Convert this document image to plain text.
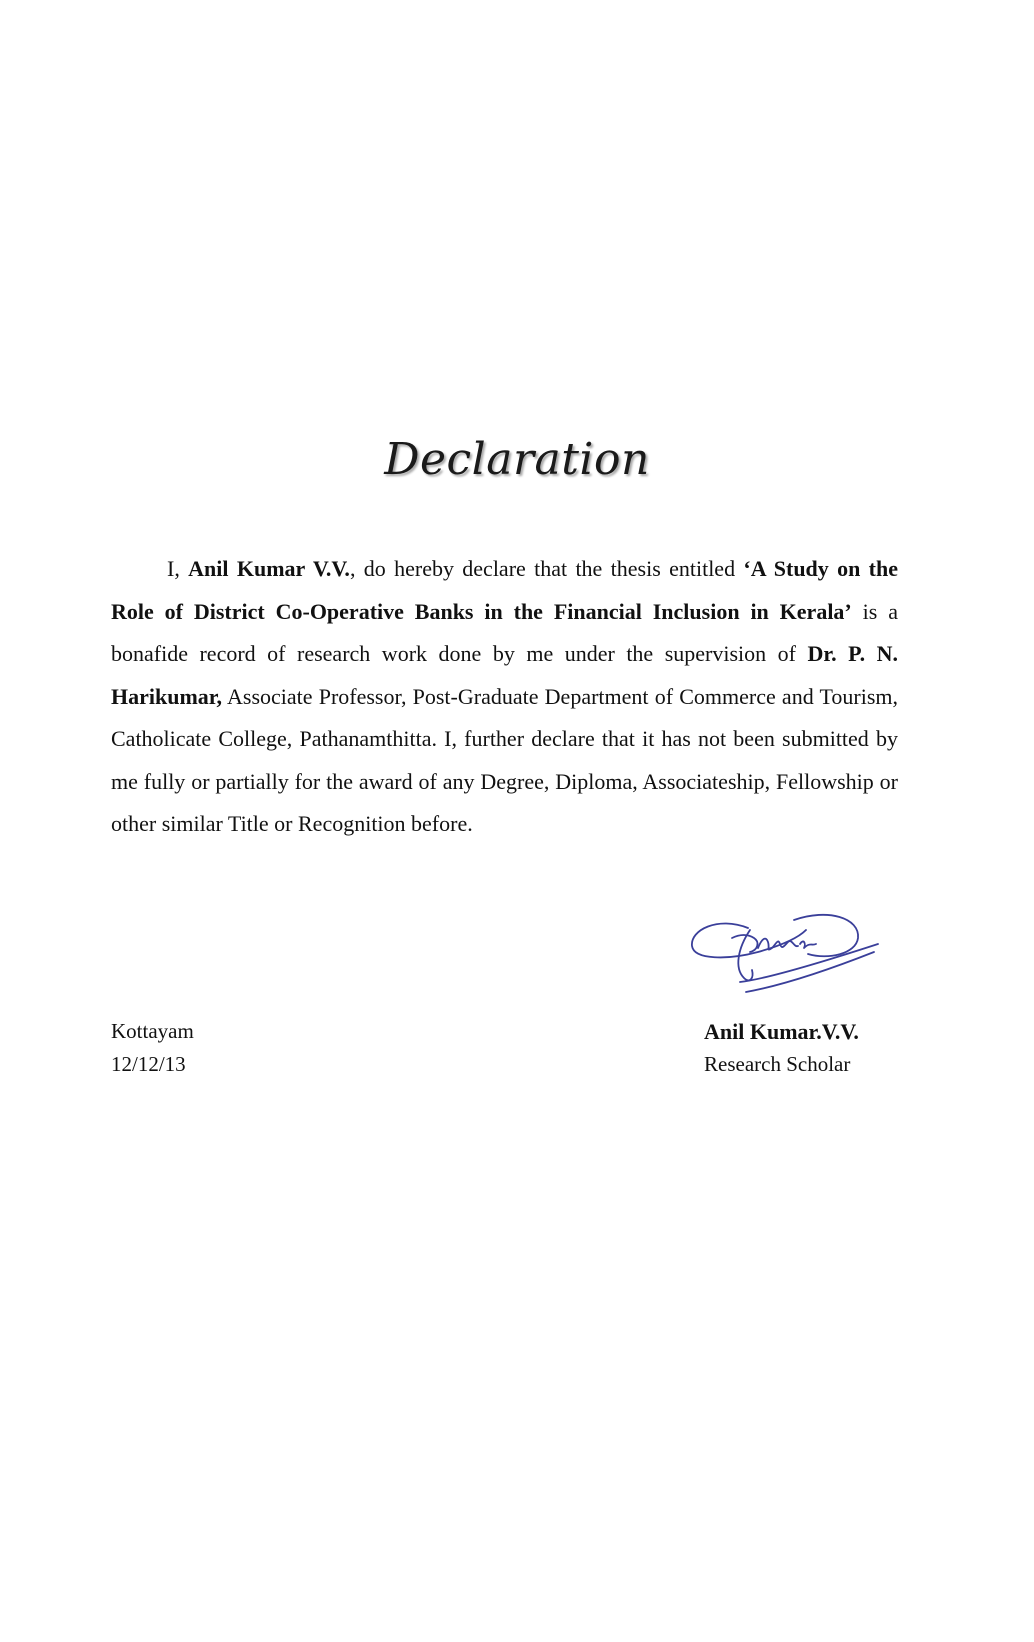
Declaration

I, Anil Kumar V.V., do hereby declare that the thesis entitled ‘A Study on the Role of District Co-Operative Banks in the Financial Inclusion in Kerala’ is a bonafide record of research work done by me under the supervision of Dr. P. N. Harikumar, Associate Professor, Post-Graduate Department of Commerce and Tourism, Catholicate College, Pathanamthitta. I, further declare that it has not been submitted by me fully or partially for the award of any Degree, Diploma, Associateship, Fellowship or other similar Title or Recognition before.

Kottayam
12/12/13
Anil Kumar.V.V.
Research Scholar
